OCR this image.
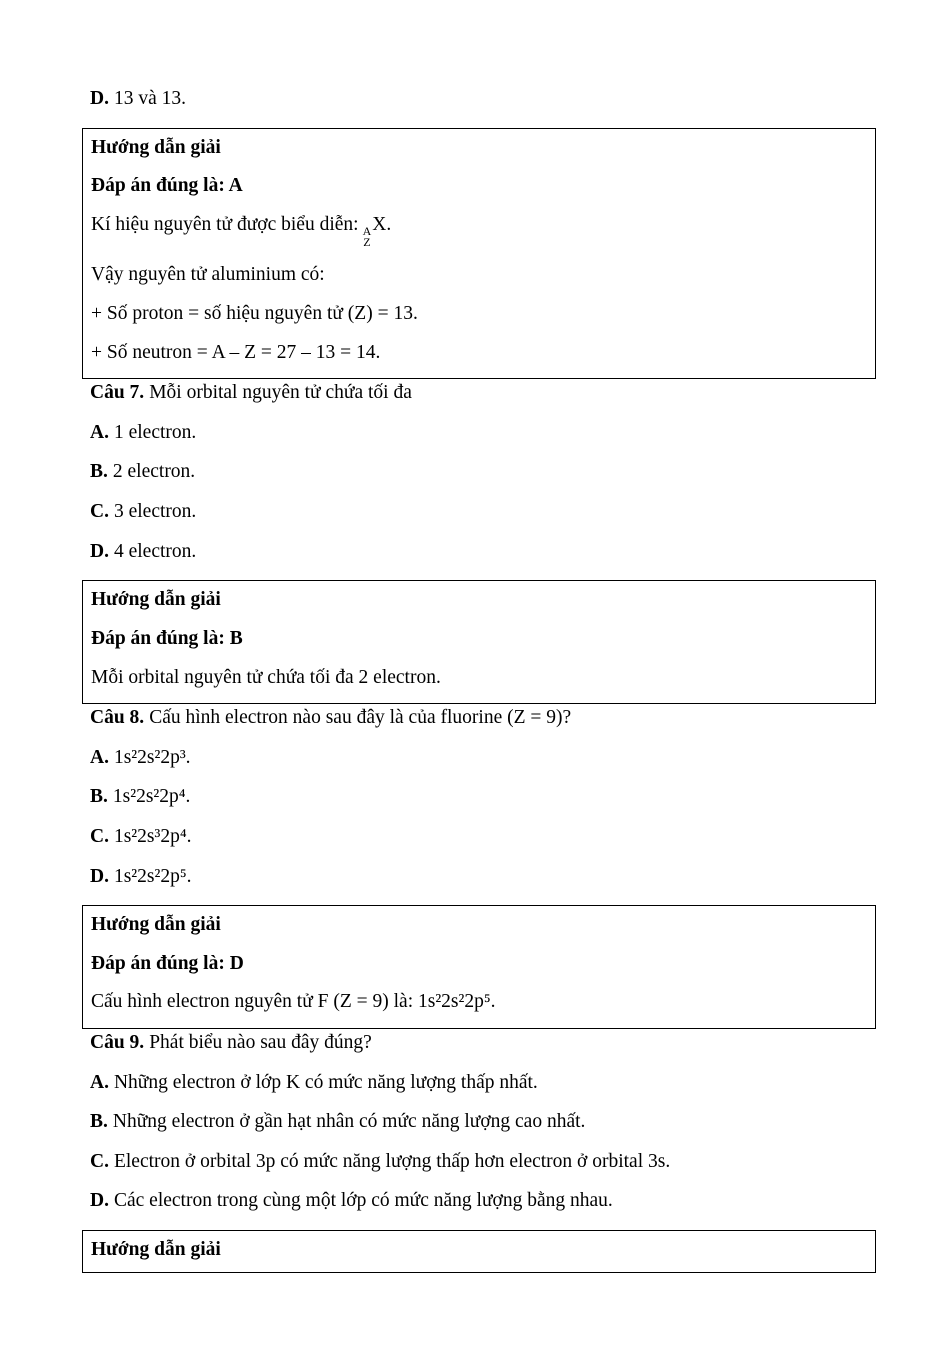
D. 13 và 13.

Hướng dẫn giải

Đáp án đúng là: A

Kí hiệu nguyên tử được biểu diễn: A
Z
X.

Vậy nguyên tử aluminium có:

+ Số proton = số hiệu nguyên tử (Z) = 13.

+ Số neutron = A – Z = 27 – 13 = 14.

Câu 7. Mỗi orbital nguyên tử chứa tối đa

A. 1 electron.

B. 2 electron.

C. 3 electron.

D. 4 electron.

Hướng dẫn giải

Đáp án đúng là: B

Mỗi orbital nguyên tử chứa tối đa 2 electron.

Câu 8. Cấu hình electron nào sau đây là của fluorine (Z = 9)?

A. 1s²2s²2p³.

B. 1s²2s²2p⁴.

C. 1s²2s³2p⁴.

D. 1s²2s²2p⁵.

Hướng dẫn giải

Đáp án đúng là: D

Cấu hình electron nguyên tử F (Z = 9) là: 1s²2s²2p⁵.

Câu 9. Phát biểu nào sau đây đúng?

A. Những electron ở lớp K có mức năng lượng thấp nhất.

B. Những electron ở gần hạt nhân có mức năng lượng cao nhất.

C. Electron ở orbital 3p có mức năng lượng thấp hơn electron ở orbital 3s.

D. Các electron trong cùng một lớp có mức năng lượng bằng nhau.

Hướng dẫn giải
